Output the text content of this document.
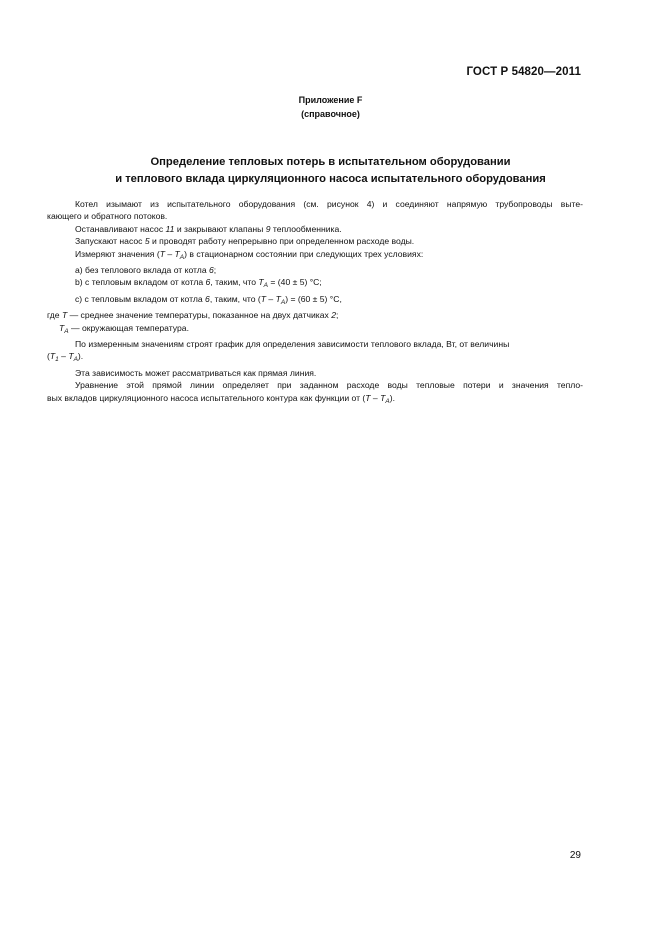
ГОСТ Р 54820—2011
Приложение F
(справочное)
Определение тепловых потерь в испытательном оборудовании
и теплового вклада циркуляционного насоса испытательного оборудования

Котел изымают из испытательного оборудования (см. рисунок 4) и соединяют напрямую трубопроводы выте-

кающего и обратного потоков.

Останавливают насос 11 и закрывают клапаны 9 теплообменника.

Запускают насос 5 и проводят работу непрерывно при определенном расходе воды.

Измеряют значения $(T - T_A)$ в стационарном состоянии при следующих трех условиях:

a) без теплового вклада от котла 6;

b) с тепловым вкладом от котла 6, таким, что $T_A = (40 \pm 5)$ °С;

c) с тепловым вкладом от котла 6, таким, что $(T - T_A) = (60 \pm 5)$ °С,

где T — среднее значение температуры, показанное на двух датчиках 2;

$T_A$ — окружающая температура.

По измеренным значениям строят график для определения зависимости теплового вклада, Вт, от величины

$(T_1 - T_A)$.

Эта зависимость может рассматриваться как прямая линия.

Уравнение этой прямой линии определяет при заданном расходе воды тепловые потери и значения тепло-

вых вкладов циркуляционного насоса испытательного контура как функции от $(T - T_A)$.

29
